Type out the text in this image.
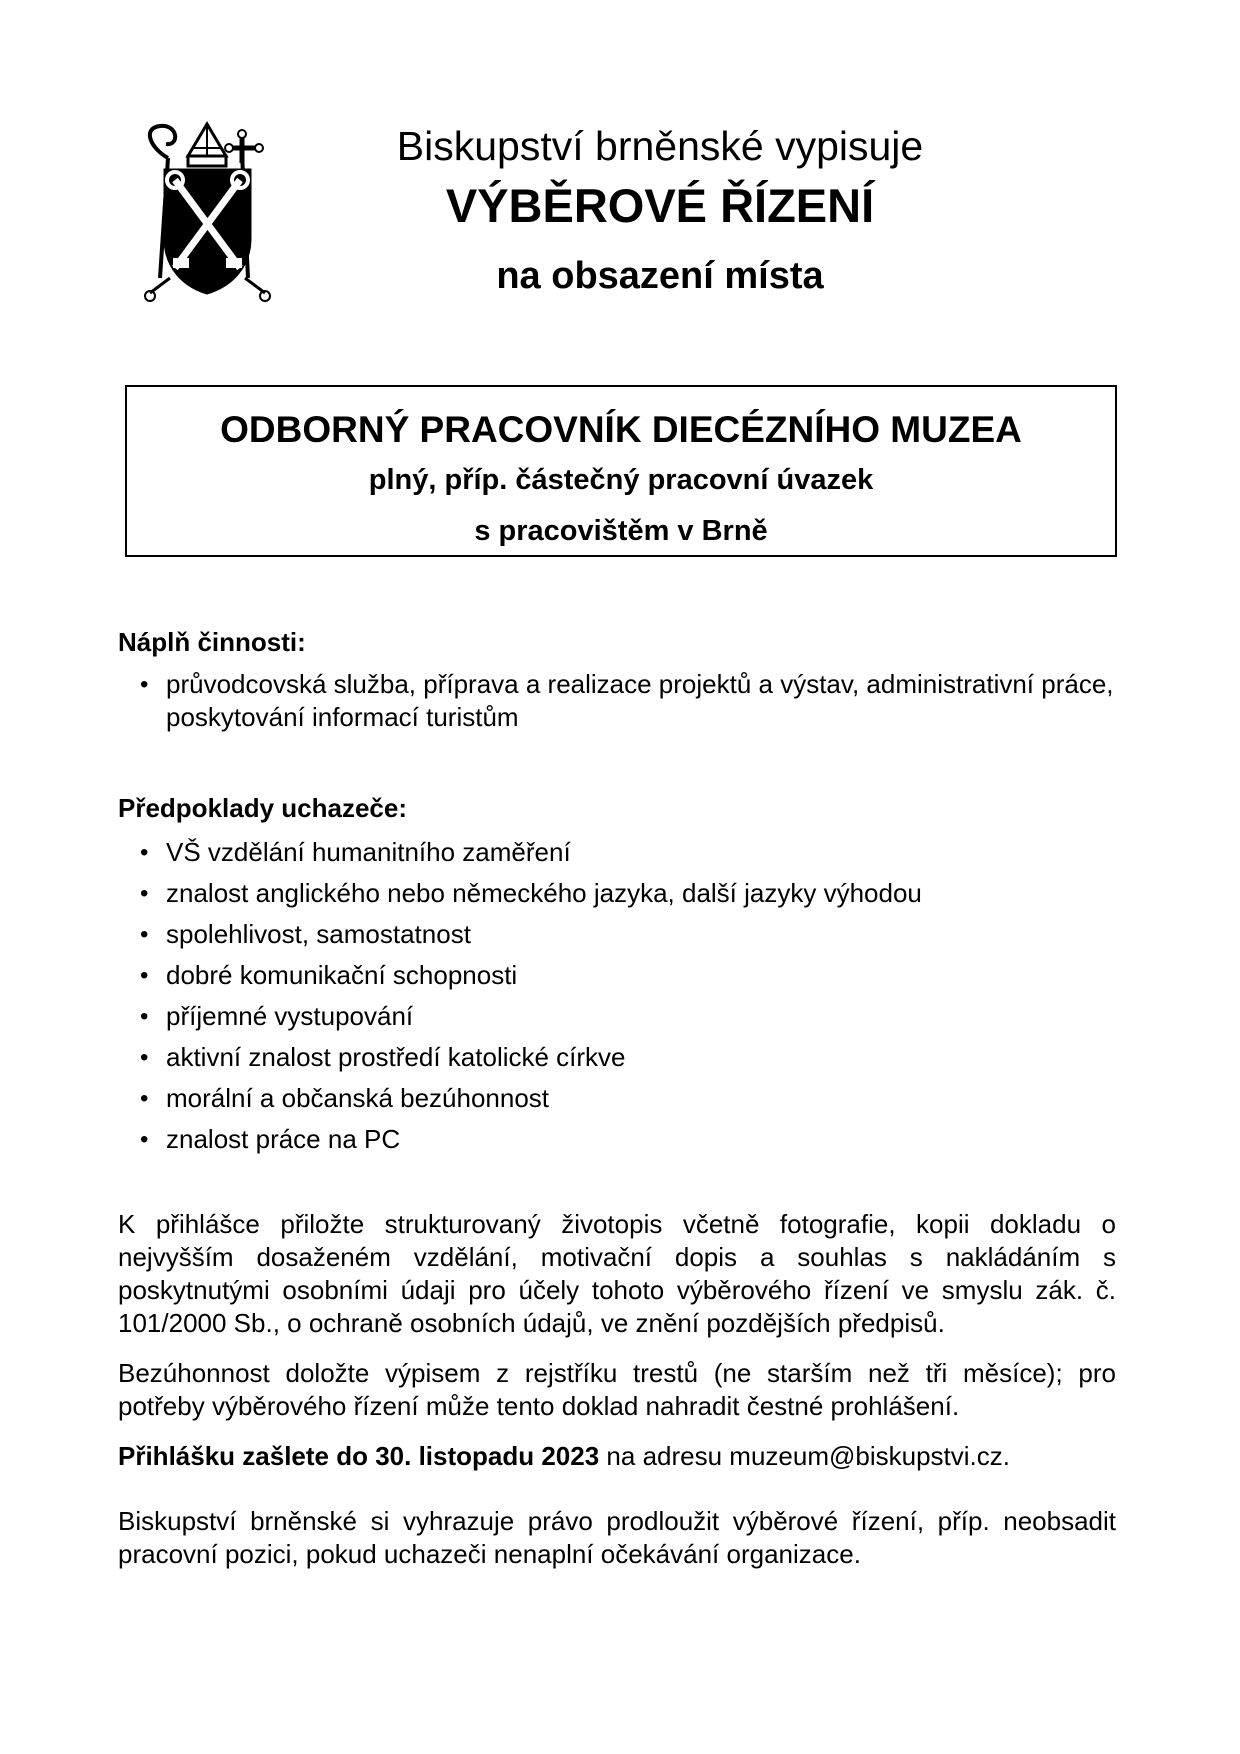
Biskupství brněnské vypisuje
VÝBĚROVÉ ŘÍZENÍ
na obsazení místa
ODBORNÝ PRACOVNÍK DIECÉZNÍHO MUZEA
plný, příp. částečný pracovní úvazek
s pracovištěm v Brně
Náplň činnosti:
• průvodcovská služba, příprava a realizace projektů a výstav, administrativní práce, poskytování informací turistům
Předpoklady uchazeče:
• VŠ vzdělání humanitního zaměření
• znalost anglického nebo německého jazyka, další jazyky výhodou
• spolehlivost, samostatnost
• dobré komunikační schopnosti
• příjemné vystupování
• aktivní znalost prostředí katolické církve
• morální a občanská bezúhonnost
• znalost práce na PC
K přihlášce přiložte strukturovaný životopis včetně fotografie, kopii dokladu o nejvyšším dosaženém vzdělání, motivační dopis a souhlas s nakládáním s poskytnutými osobními údaji pro účely tohoto výběrového řízení ve smyslu zák. č. 101/2000 Sb., o ochraně osobních údajů, ve znění pozdějších předpisů.
Bezúhonnost doložte výpisem z rejstříku trestů (ne starším než tři měsíce); pro potřeby výběrového řízení může tento doklad nahradit čestné prohlášení.
Přihlášku zašlete do 30. listopadu 2023 na adresu muzeum@biskupstvi.cz.
Biskupství brněnské si vyhrazuje právo prodloužit výběrové řízení, příp. neobsadit pracovní pozici, pokud uchazeči nenaplní očekávání organizace.
